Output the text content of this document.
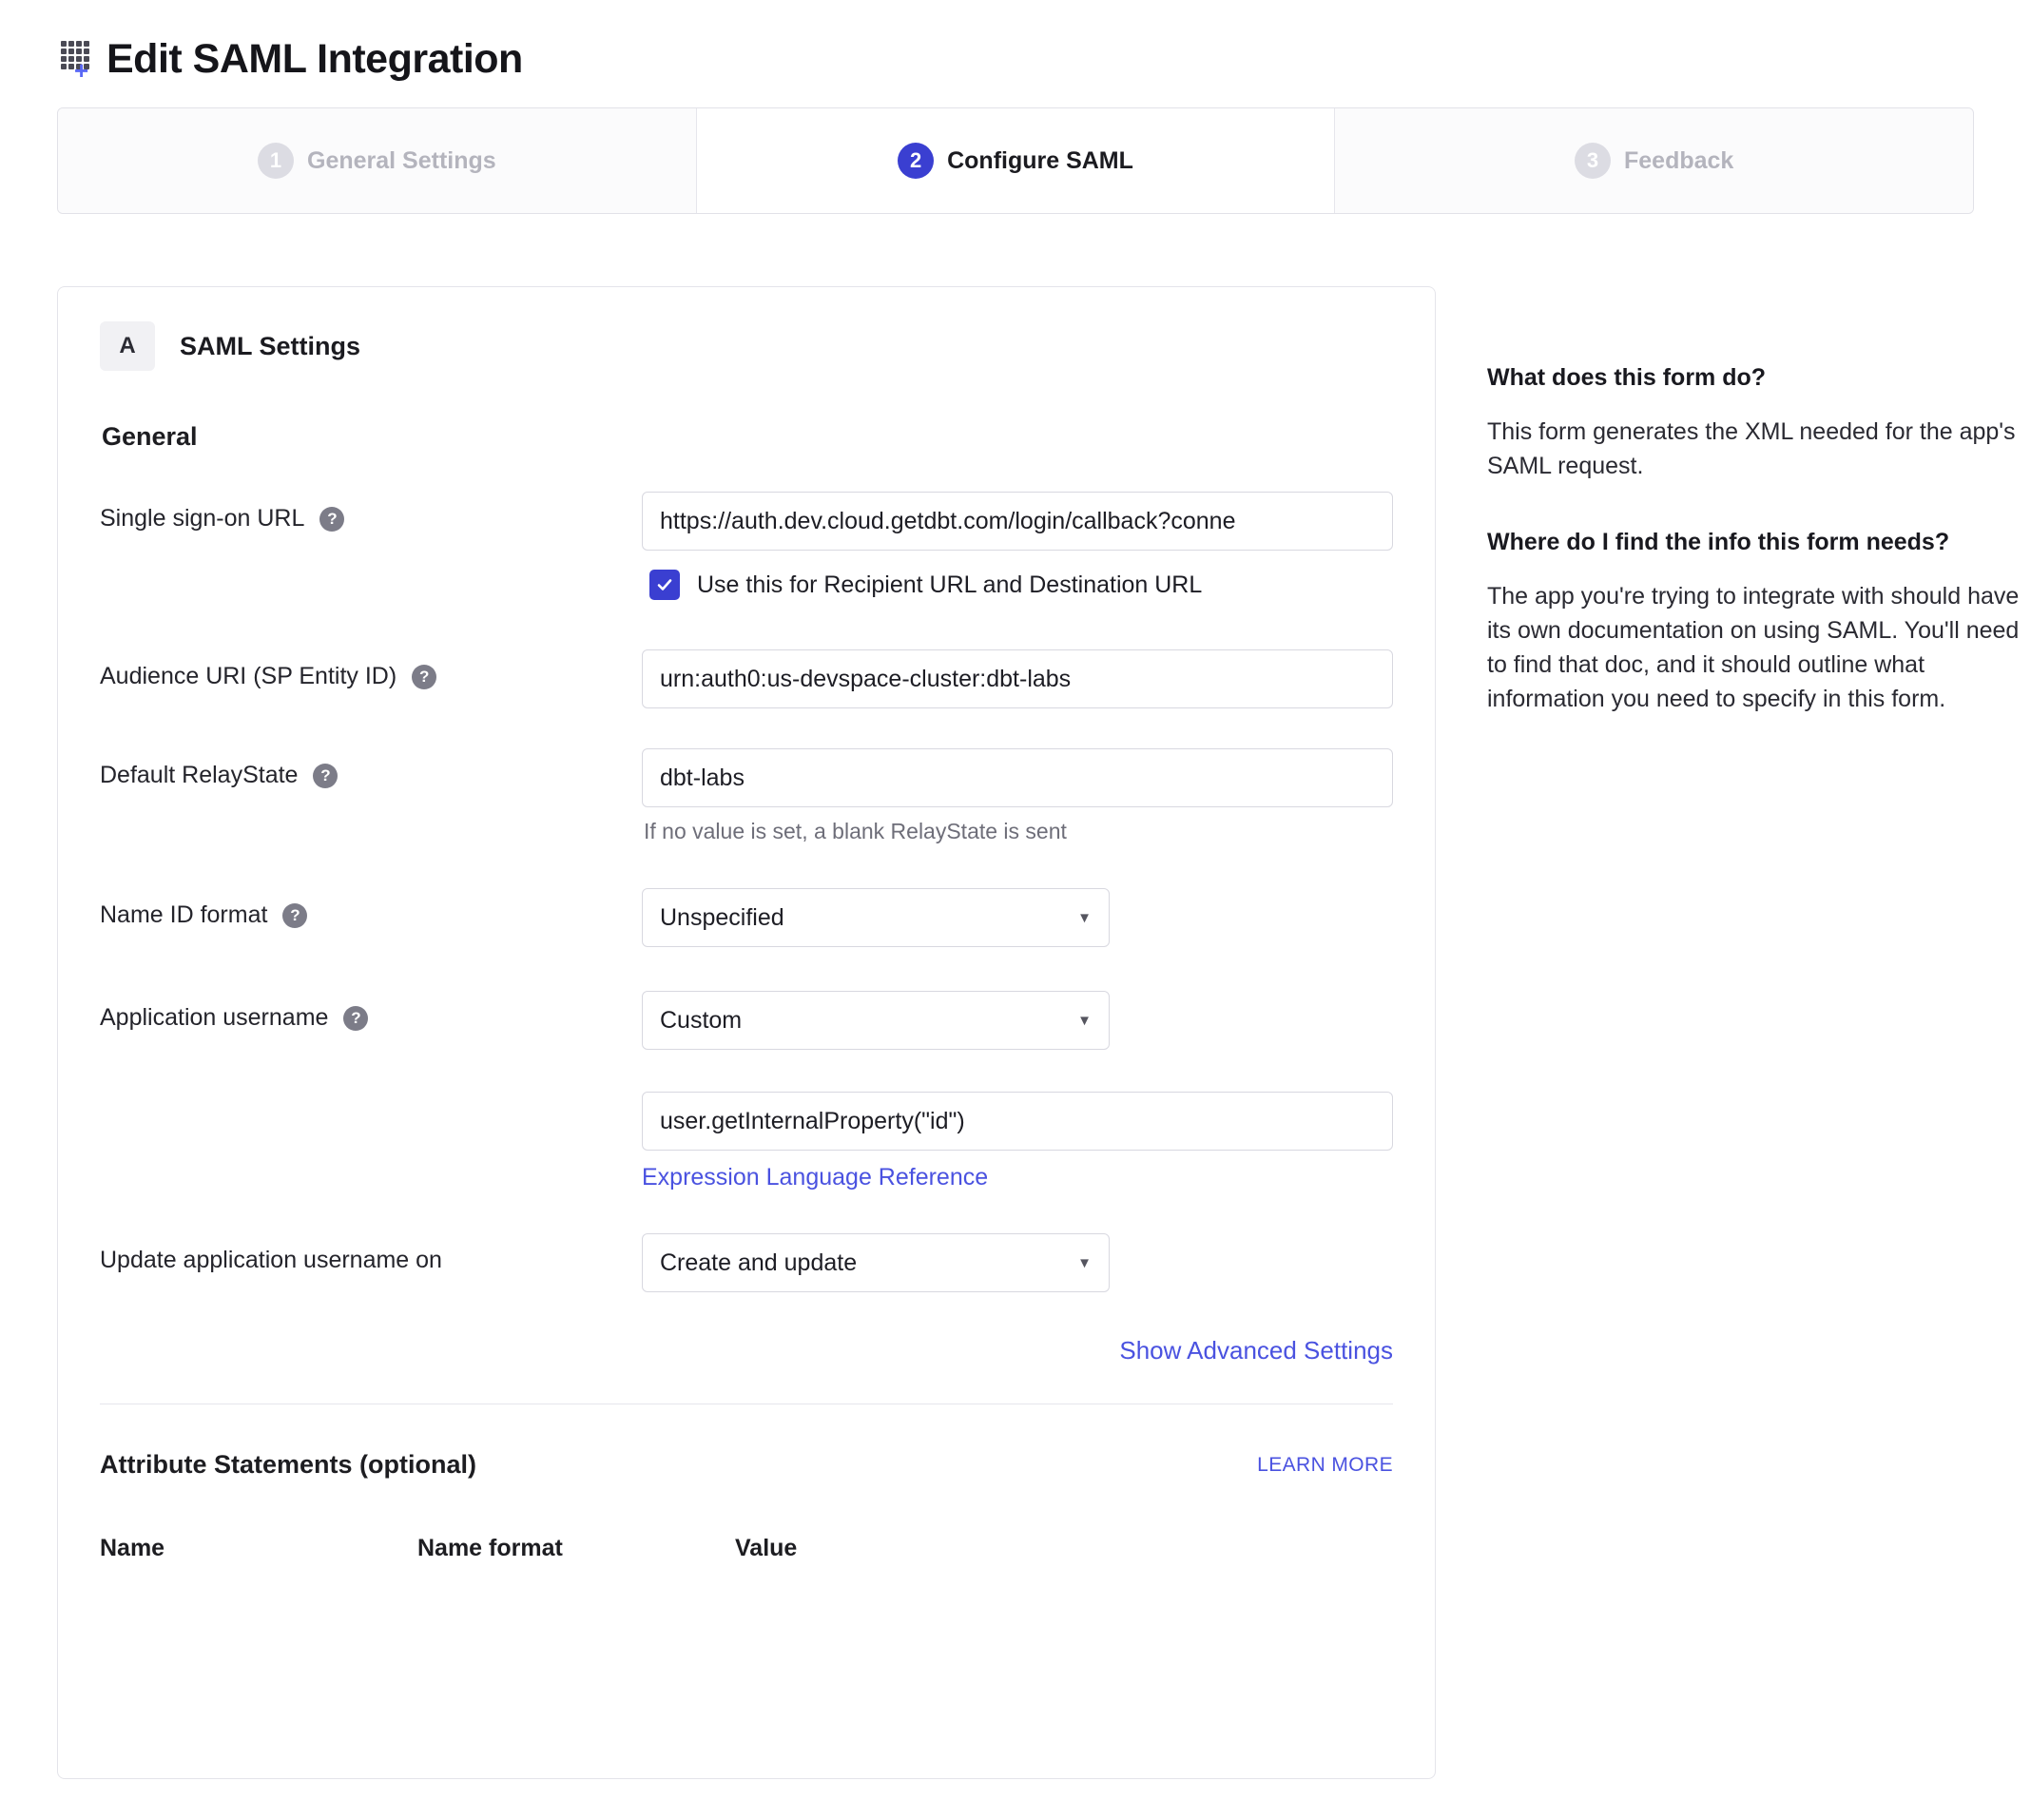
+ Edit SAML Integration
1	General Settings	2	Configure SAML	3	Feedback
A	SAML Settings
General
Single sign-on URL	?	https://auth.dev.cloud.getdbt.com/login/callback?conne
Use this for Recipient URL and Destination URL
Audience URI (SP Entity ID)	?	urn:auth0:us-devspace-cluster:dbt-labs
Default RelayState	?	dbt-labs
If no value is set, a blank RelayState is sent
Name ID format	?	Unspecified	▼
Application username	?	Custom	▼
user.getInternalProperty("id")
Expression Language Reference
Update application username on	Create and update	▼
Show Advanced Settings
Attribute Statements (optional)	LEARN MORE
Name	Name format	Value
What does this form do?

This form generates the XML needed for the app's SAML request.

Where do I find the info this form needs?

The app you're trying to integrate with should have its own documentation on using SAML. You'll need to find that doc, and it should outline what information you need to specify in this form.
